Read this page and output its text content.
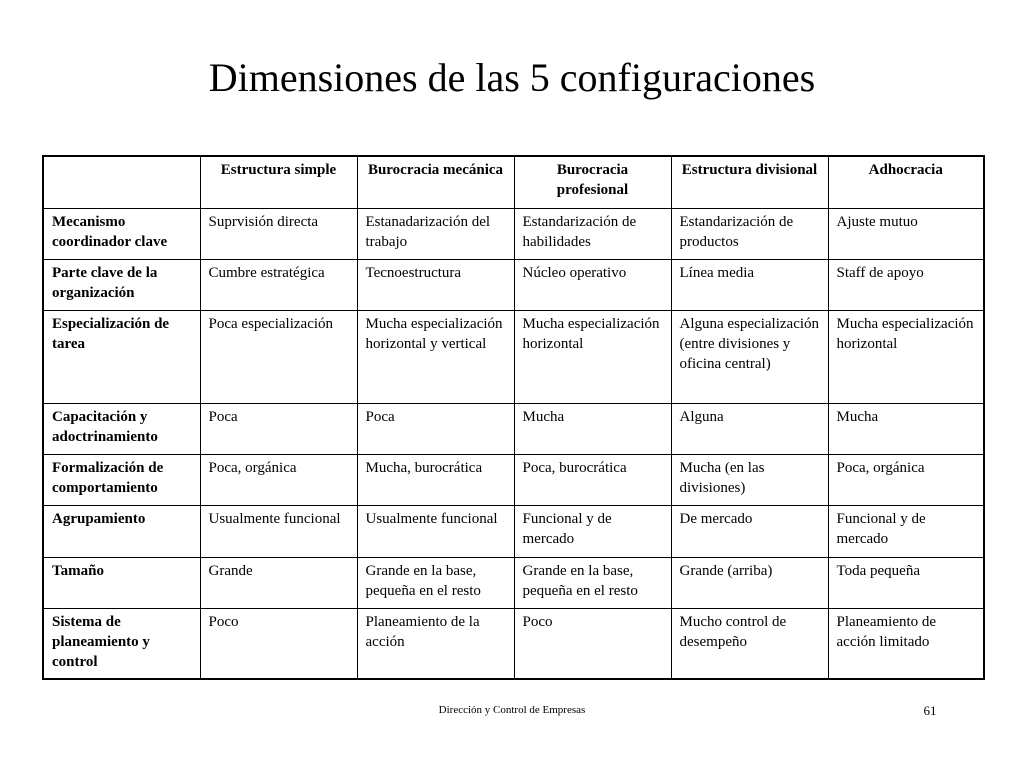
Dimensiones de las 5 configuraciones
	Estructura simple	Burocracia mecánica	Burocracia profesional	Estructura divisional	Adhocracia
Mecanismo coordinador clave	Suprvisión directa	Estanadarización del trabajo	Estandarización de habilidades	Estandarización de productos	Ajuste mutuo
Parte clave de la organización	Cumbre estratégica	Tecnoestructura	Núcleo operativo	Línea media	Staff de apoyo
Especialización de tarea	Poca especialización	Mucha especialización horizontal y vertical	Mucha especialización horizontal	Alguna especialización (entre divisiones y oficina central)	Mucha especialización horizontal
Capacitación y adoctrinamiento	Poca	Poca	Mucha	Alguna	Mucha
Formalización de comportamiento	Poca, orgánica	Mucha, burocrática	Poca, burocrática	Mucha (en las divisiones)	Poca, orgánica
Agrupamiento	Usualmente funcional	Usualmente funcional	Funcional y de mercado	De mercado	Funcional y de mercado
Tamaño	Grande	Grande en la base, pequeña en el resto	Grande en la base, pequeña en el resto	Grande (arriba)	Toda pequeña
Sistema de planeamiento y control	Poco	Planeamiento de la acción	Poco	Mucho control de desempeño	Planeamiento de acción limitado
Dirección y Control de Empresas	61
